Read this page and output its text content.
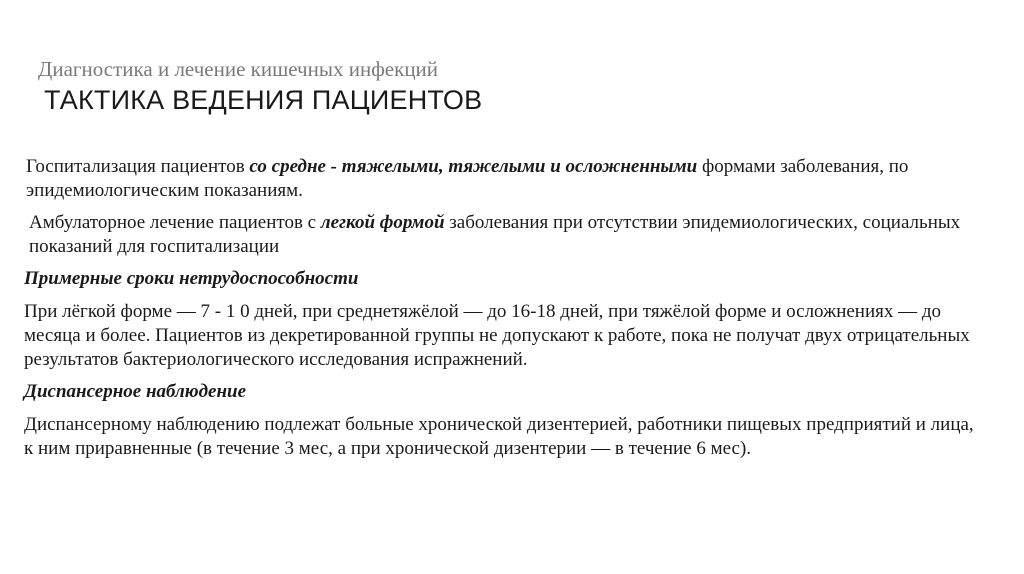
Диагностика и лечение кишечных инфекций

ТАКТИКА ВЕДЕНИЯ ПАЦИЕНТОВ

Госпитализация пациентов со средне - тяжелыми, тяжелыми и осложненными формами заболевания, по эпидемиологическим показаниям.

Амбулаторное лечение пациентов с легкой формой заболевания при отсутствии эпидемиологических, социальных показаний для госпитализации

Примерные сроки нетрудоспособности

При лёгкой форме — 7 - 1 0 дней, при среднетяжёлой — до 16-18 дней, при тяжёлой форме и осложнениях — до месяца и более. Пациентов из декретированной группы не допускают к работе, пока не получат двух отрицательных результатов бактериологического исследования испражнений.

Диспансерное наблюдение

Диспансерному наблюдению подлежат больные хронической дизентерией, работники пищевых предприятий и лица, к ним приравненные (в течение 3 мес, а при хронической дизентерии — в течение 6 мес).
